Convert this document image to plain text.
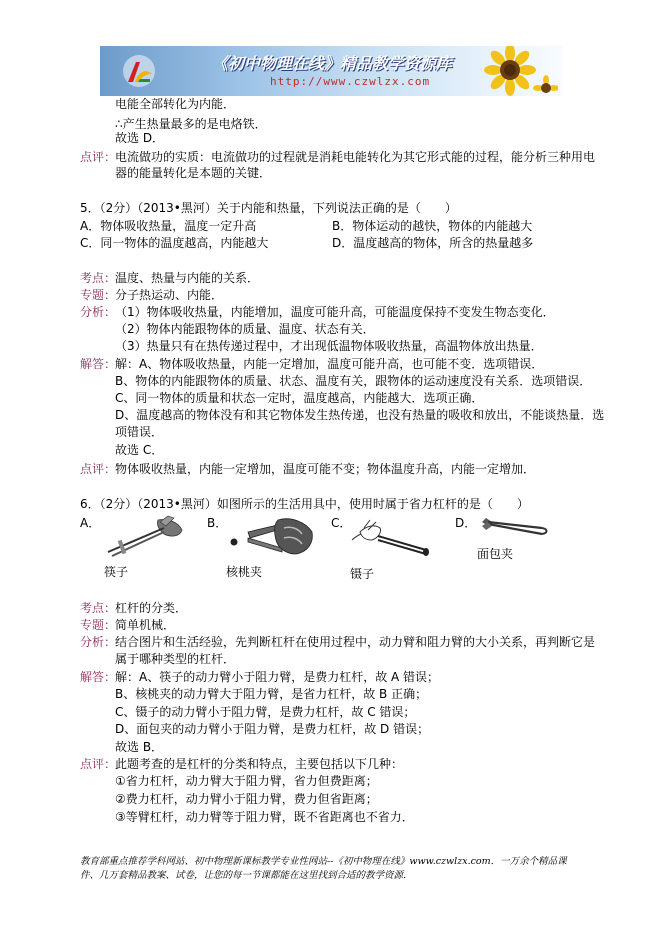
《初中物理在线》精品教学资源库
http://www.czwlzx.com
电能全部转化为内能．
∴产生热量最多的是电烙铁．
故选 D．
点评：
电流做功的实质：电流做功的过程就是消耗电能转化为其它形式能的过程，能分析三种用电
器的能量转化是本题的关键．
5．（2分）（2013•黑河）关于内能和热量，下列说法正确的是（　　）
A．物体吸收热量，温度一定升高	B．物体运动的越快，物体的内能越大
C．同一物体的温度越高，内能越大	D．温度越高的物体，所含的热量越多
考点：
温度、热量与内能的关系．
专题：
分子热运动、内能．
分析：
（1）物体吸收热量，内能增加，温度可能升高，可能温度保持不变发生物态变化．
（2）物体内能跟物体的质量、温度、状态有关．
（3）热量只有在热传递过程中，才出现低温物体吸收热量，高温物体放出热量．
解答：
解：A、物体吸收热量，内能一定增加，温度可能升高，也可能不变．选项错误．
B、物体的内能跟物体的质量、状态、温度有关，跟物体的运动速度没有关系．选项错误．
C、同一物体的质量和状态一定时，温度越高，内能越大．选项正确．
D、温度越高的物体没有和其它物体发生热传递，也没有热量的吸收和放出，不能谈热量．选
项错误．
故选 C．
点评：
物体吸收热量，内能一定增加，温度可能不变；物体温度升高，内能一定增加．
6．（2分）（2013•黑河）如图所示的生活用具中，使用时属于省力杠杆的是（　　）
A．	B．	C．	D．
筷子	核桃夹	镊子
面包夹
考点：
杠杆的分类．
专题：
简单机械．
分析：
结合图片和生活经验，先判断杠杆在使用过程中，动力臂和阻力臂的大小关系，再判断它是
属于哪种类型的杠杆．
解答：
解：A、筷子的动力臂小于阻力臂，是费力杠杆，故 A 错误；
B、核桃夹的动力臂大于阻力臂，是省力杠杆，故 B 正确；
C、镊子的动力臂小于阻力臂，是费力杠杆，故 C 错误；
D、面包夹的动力臂小于阻力臂，是费力杠杆，故 D 错误；
故选 B．
点评：
此题考查的是杠杆的分类和特点，主要包括以下几种：
①省力杠杆，动力臂大于阻力臂，省力但费距离；
②费力杠杆，动力臂小于阻力臂，费力但省距离；
③等臂杠杆，动力臂等于阻力臂，既不省距离也不省力．
教育部重点推荐学科网站、初中物理新课标教学专业性网站--《初中物理在线》www.czwlzx.com．一万余个精品课
件、几万套精品教案、试卷，让您的每一节课都能在这里找到合适的教学资源．
